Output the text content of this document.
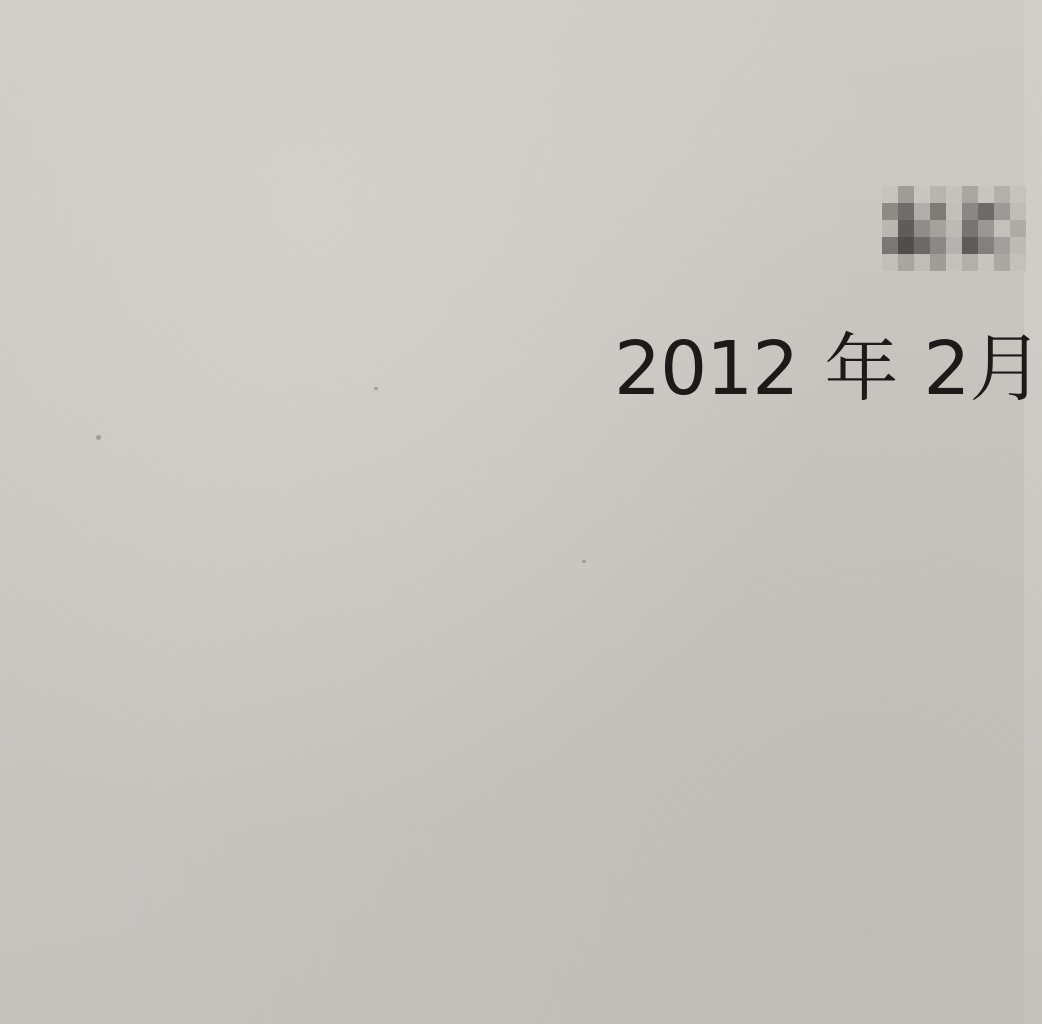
2012 年 2月
